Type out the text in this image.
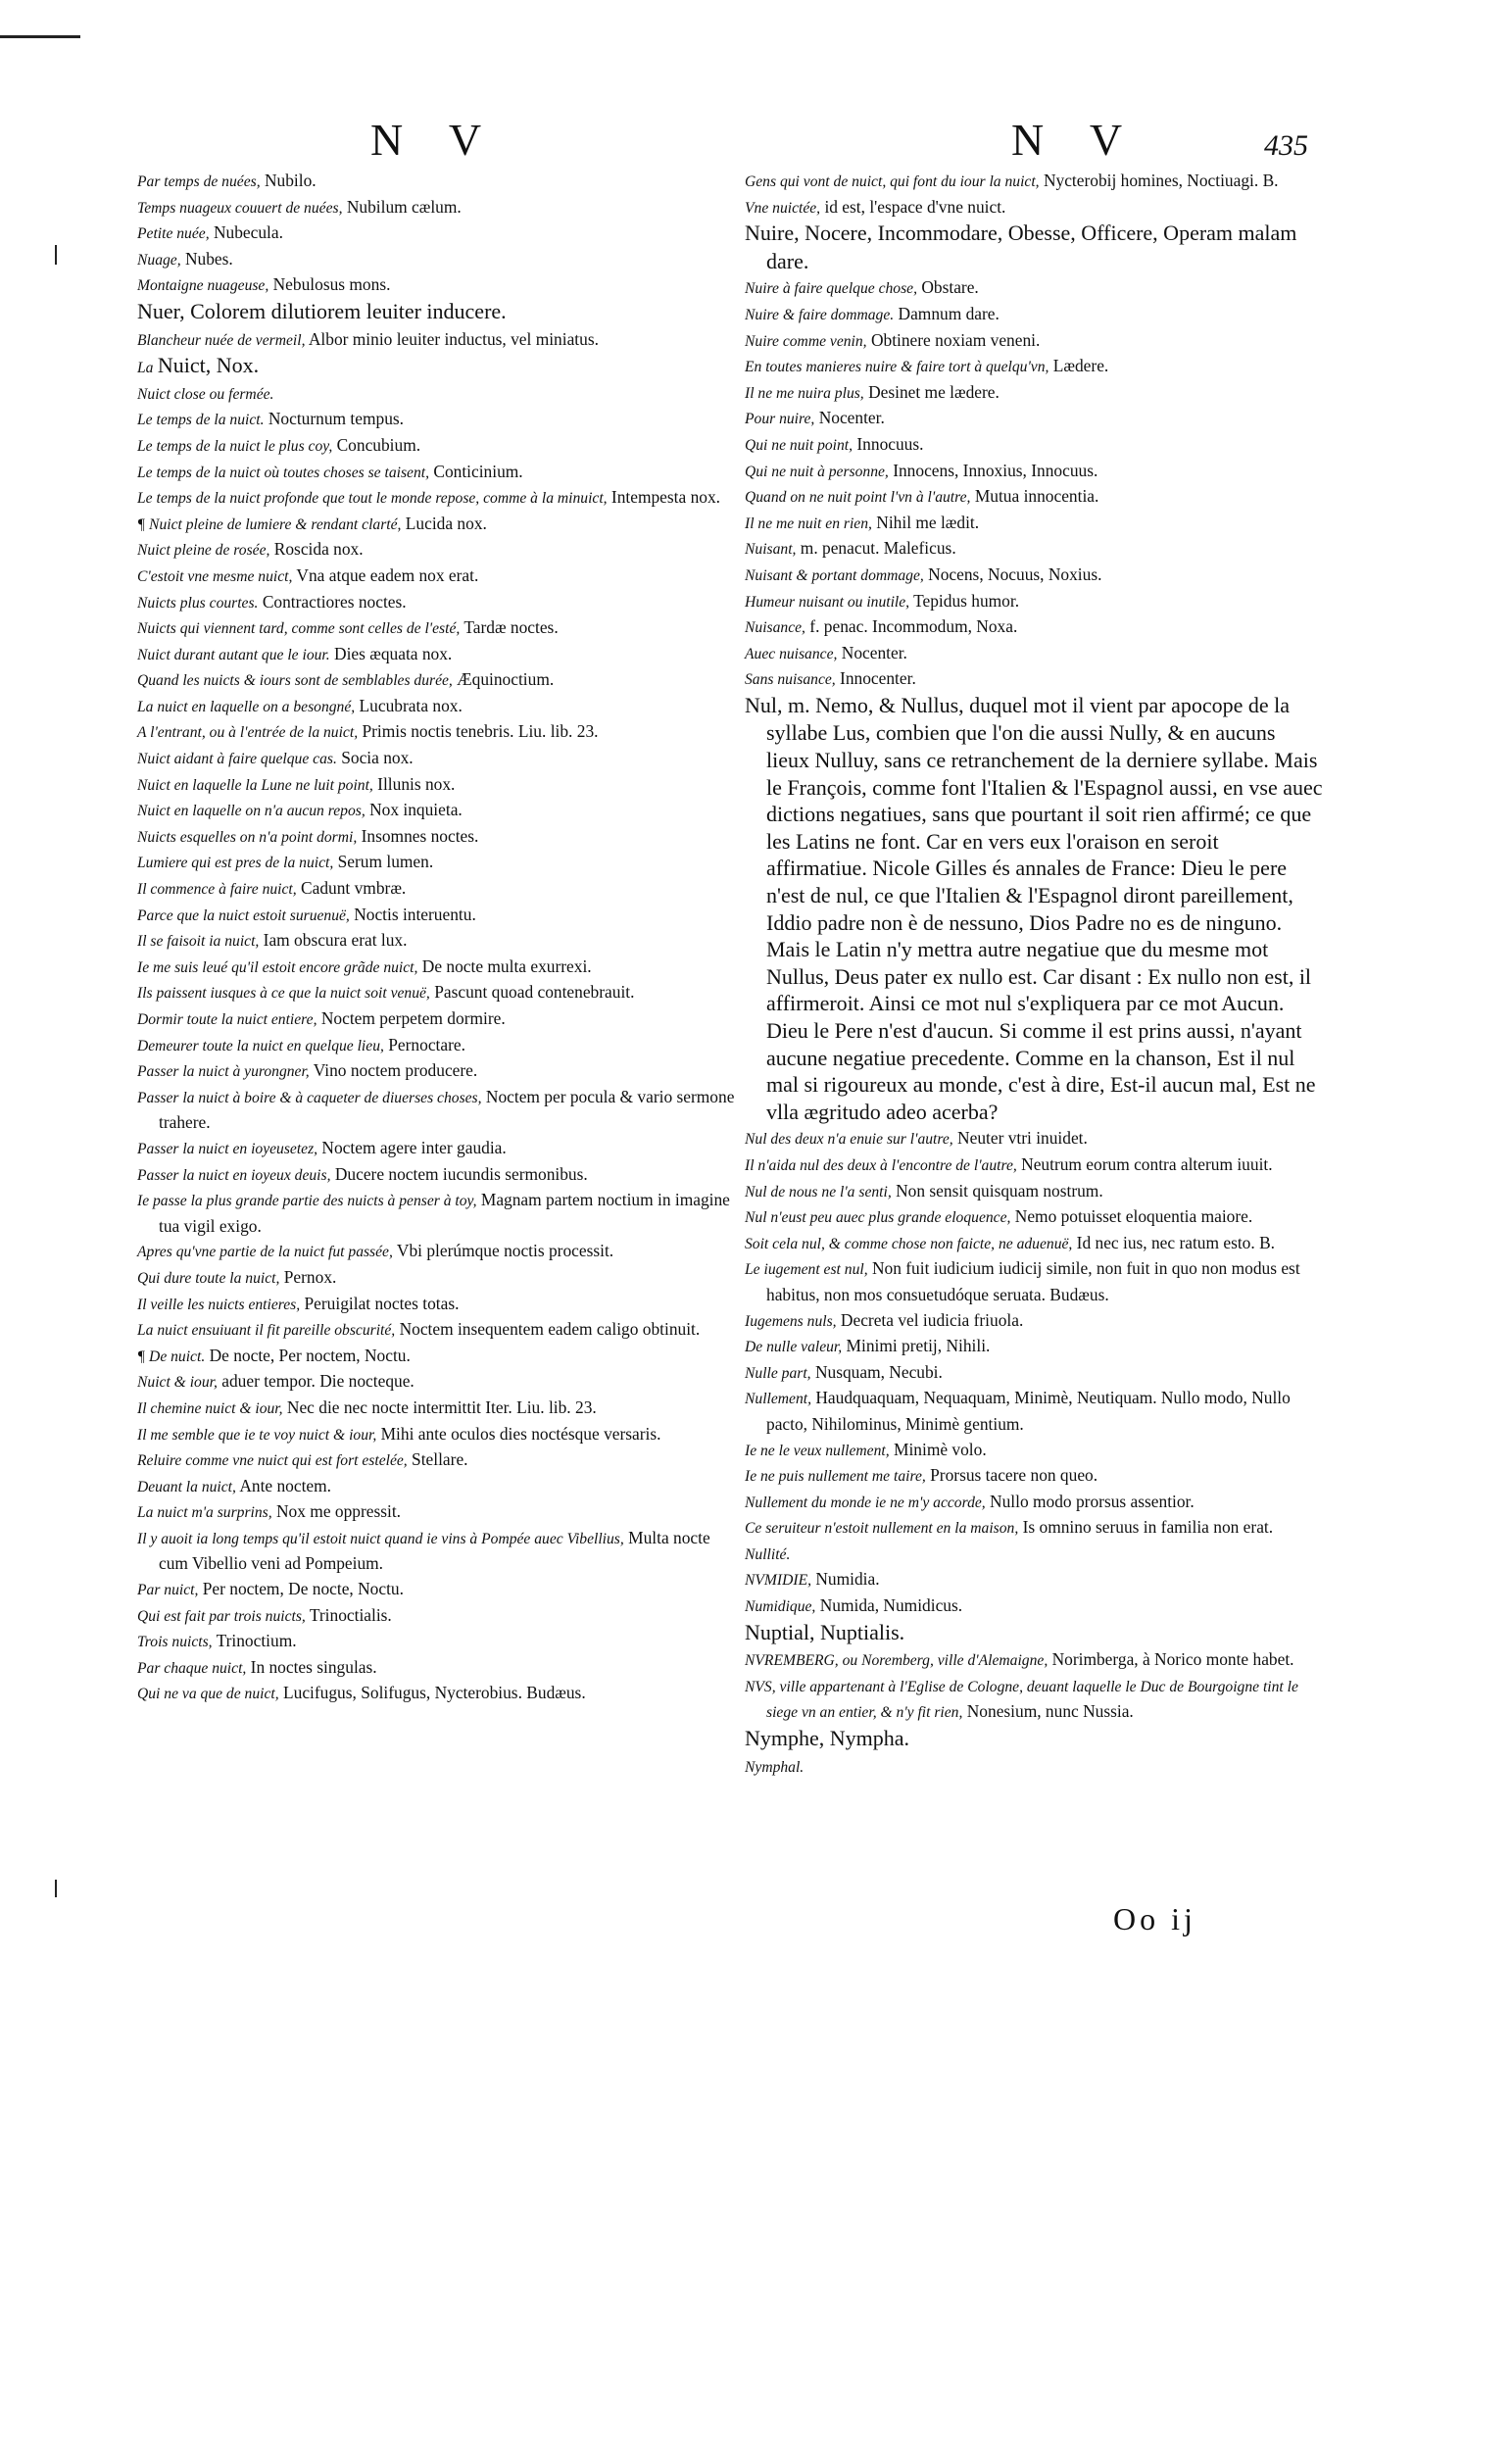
N V	N V	435

Par temps de nuées, Nubilo.

Temps nuageux couuert de nuées, Nubilum cælum.

Petite nuée, Nubecula.

Nuage, Nubes.

Montaigne nuageuse, Nebulosus mons.

Nuer, Colorem dilutiorem leuiter inducere.

Blancheur nuée de vermeil, Albor minio leuiter inductus, vel miniatus.

La Nuict, Nox.

Nuict close ou fermée.

Le temps de la nuict. Nocturnum tempus.

Le temps de la nuict le plus coy, Concubium.

Le temps de la nuict où toutes choses se taisent, Conticinium.

Le temps de la nuict profonde que tout le monde repose, comme à la minuict, Intempesta nox.

¶ Nuict pleine de lumiere & rendant clarté, Lucida nox.

Nuict pleine de rosée, Roscida nox.

C'estoit vne mesme nuict, Vna atque eadem nox erat.

Nuicts plus courtes. Contractiores noctes.

Nuicts qui viennent tard, comme sont celles de l'esté, Tardæ noctes.

Nuict durant autant que le iour. Dies æquata nox.

Quand les nuicts & iours sont de semblables durée, Æquinoctium.

La nuict en laquelle on a besongné, Lucubrata nox.

A l'entrant, ou à l'entrée de la nuict, Primis noctis tenebris. Liu. lib. 23.

Nuict aidant à faire quelque cas. Socia nox.

Nuict en laquelle la Lune ne luit point, Illunis nox.

Nuict en laquelle on n'a aucun repos, Nox inquieta.

Nuicts esquelles on n'a point dormi, Insomnes noctes.

Lumiere qui est pres de la nuict, Serum lumen.

Il commence à faire nuict, Cadunt vmbræ.

Parce que la nuict estoit suruenuë, Noctis interuentu.

Il se faisoit ia nuict, Iam obscura erat lux.

Ie me suis leué qu'il estoit encore grãde nuict, De nocte multa exurrexi.

Ils paissent iusques à ce que la nuict soit venuë, Pascunt quoad contenebrauit.

Dormir toute la nuict entiere, Noctem perpetem dormire.

Demeurer toute la nuict en quelque lieu, Pernoctare.

Passer la nuict à yurongner, Vino noctem producere.

Passer la nuict à boire & à caqueter de diuerses choses, Noctem per pocula & vario sermone trahere.

Passer la nuict en ioyeusetez, Noctem agere inter gaudia.

Passer la nuict en ioyeux deuis, Ducere noctem iucundis sermonibus.

Ie passe la plus grande partie des nuicts à penser à toy, Magnam partem noctium in imagine tua vigil exigo.

Apres qu'vne partie de la nuict fut passée, Vbi plerúmque noctis processit.

Qui dure toute la nuict, Pernox.

Il veille les nuicts entieres, Peruigilat noctes totas.

La nuict ensuiuant il fit pareille obscurité, Noctem insequentem eadem caligo obtinuit.

¶ De nuict. De nocte, Per noctem, Noctu.

Nuict & iour, aduer tempor. Die nocteque.

Il chemine nuict & iour, Nec die nec nocte intermittit Iter. Liu. lib. 23.

Il me semble que ie te voy nuict & iour, Mihi ante oculos dies noctésque versaris.

Reluire comme vne nuict qui est fort estelée, Stellare.

Deuant la nuict, Ante noctem.

La nuict m'a surprins, Nox me oppressit.

Il y auoit ia long temps qu'il estoit nuict quand ie vins à Pompée auec Vibellius, Multa nocte cum Vibellio veni ad Pompeium.

Par nuict, Per noctem, De nocte, Noctu.

Qui est fait par trois nuicts, Trinoctialis.

Trois nuicts, Trinoctium.

Par chaque nuict, In noctes singulas.

Qui ne va que de nuict, Lucifugus, Solifugus, Nycterobius. Budæus.

Gens qui vont de nuict, qui font du iour la nuict, Nycterobij homines, Noctiuagi. B.

Vne nuictée, id est, l'espace d'vne nuict.

Nuire, Nocere, Incommodare, Obesse, Officere, Operam malam dare.

Nuire à faire quelque chose, Obstare.

Nuire & faire dommage. Damnum dare.

Nuire comme venin, Obtinere noxiam veneni.

En toutes manieres nuire & faire tort à quelqu'vn, Lædere.

Il ne me nuira plus, Desinet me lædere.

Pour nuire, Nocenter.

Qui ne nuit point, Innocuus.

Qui ne nuit à personne, Innocens, Innoxius, Innocuus.

Quand on ne nuit point l'vn à l'autre, Mutua innocentia.

Il ne me nuit en rien, Nihil me lædit.

Nuisant, m. penacut. Maleficus.

Nuisant & portant dommage, Nocens, Nocuus, Noxius.

Humeur nuisant ou inutile, Tepidus humor.

Nuisance, f. penac. Incommodum, Noxa.

Auec nuisance, Nocenter.

Sans nuisance, Innocenter.

Nul, m. Nemo, & Nullus, duquel mot il vient par apocope de la syllabe Lus, combien que l'on die aussi Nully, & en aucuns lieux Nulluy, sans ce retranchement de la derniere syllabe. Mais le François, comme font l'Italien & l'Espagnol aussi, en vse auec dictions negatiues, sans que pourtant il soit rien affirmé; ce que les Latins ne font. Car en vers eux l'oraison en seroit affirmatiue. Nicole Gilles és annales de France: Dieu le pere n'est de nul, ce que l'Italien & l'Espagnol diront pareillement, Iddio padre non è de nessuno, Dios Padre no es de ninguno. Mais le Latin n'y mettra autre negatiue que du mesme mot Nullus, Deus pater ex nullo est. Car disant : Ex nullo non est, il affirmeroit. Ainsi ce mot nul s'expliquera par ce mot Aucun. Dieu le Pere n'est d'aucun. Si comme il est prins aussi, n'ayant aucune negatiue precedente. Comme en la chanson, Est il nul mal si rigoureux au monde, c'est à dire, Est-il aucun mal, Est ne vlla ægritudo adeo acerba?

Nul des deux n'a enuie sur l'autre, Neuter vtri inuidet.

Il n'aida nul des deux à l'encontre de l'autre, Neutrum eorum contra alterum iuuit.

Nul de nous ne l'a senti, Non sensit quisquam nostrum.

Nul n'eust peu auec plus grande eloquence, Nemo potuisset eloquentia maiore.

Soit cela nul, & comme chose non faicte, ne aduenuë, Id nec ius, nec ratum esto. B.

Le iugement est nul, Non fuit iudicium iudicij simile, non fuit in quo non modus est habitus, non mos consuetudóque seruata. Budæus.

Iugemens nuls, Decreta vel iudicia friuola.

De nulle valeur, Minimi pretij, Nihili.

Nulle part, Nusquam, Necubi.

Nullement, Haudquaquam, Nequaquam, Minimè, Neutiquam. Nullo modo, Nullo pacto, Nihilominus, Minimè gentium.

Ie ne le veux nullement, Minimè volo.

Ie ne puis nullement me taire, Prorsus tacere non queo.

Nullement du monde ie ne m'y accorde, Nullo modo prorsus assentior.

Ce seruiteur n'estoit nullement en la maison, Is omnino seruus in familia non erat.

Nullité.

NVMIDIE, Numidia.

Numidique, Numida, Numidicus.

Nuptial, Nuptialis.

NVREMBERG, ou Noremberg, ville d'Alemaigne, Norimberga, à Norico monte habet.

NVS, ville appartenant à l'Eglise de Cologne, deuant laquelle le Duc de Bourgoigne tint le siege vn an entier, & n'y fit rien, Nonesium, nunc Nussia.

Nymphe, Nympha.

Nymphal.

Oo ij
